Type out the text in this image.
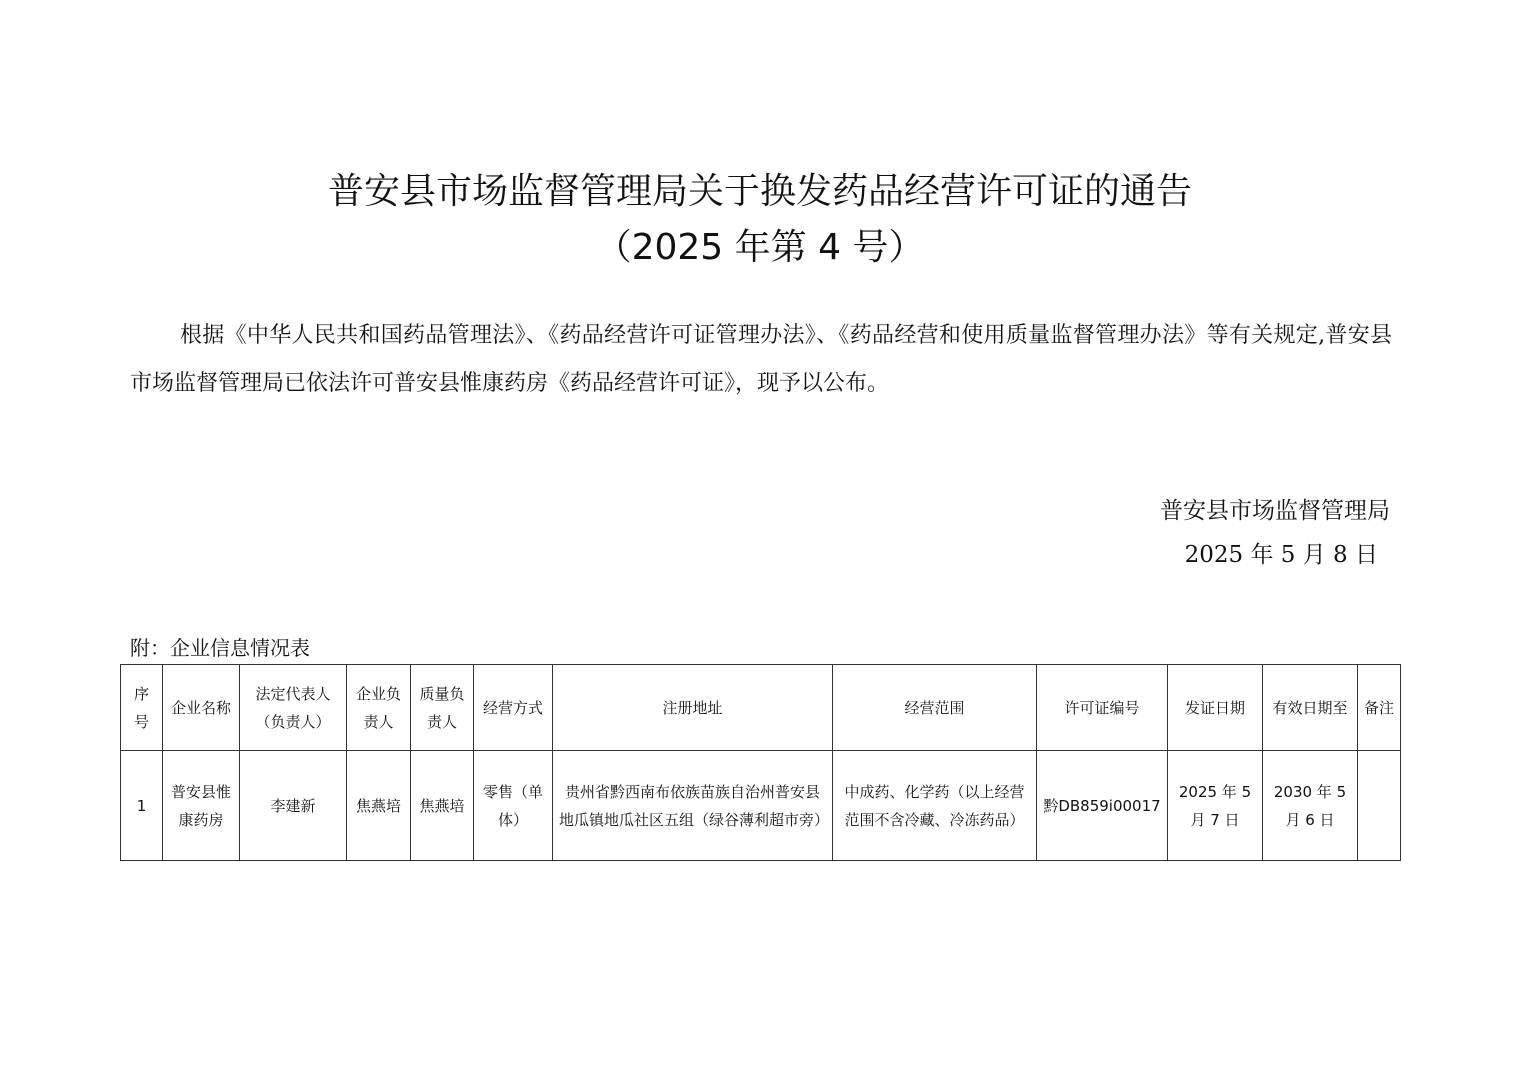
普安县市场监督管理局关于换发药品经营许可证的通告
（2025 年第 4 号）

根据《中华人民共和国药品管理法》、《药品经营许可证管理办法》、《药品经营和使用质量监督管理办法》等有关规定,普安县市场监督管理局已依法许可普安县惟康药房《药品经营许可证》，现予以公布。

普安县市场监督管理局
2025 年 5 月 8 日
附：企业信息情况表
序号	企业名称	法定代表人（负责人）	企业负责人	质量负责人	经营方式	注册地址	经营范围	许可证编号	发证日期	有效日期至	备注
1	普安县惟康药房	李建新	焦燕培	焦燕培	零售（单体）	贵州省黔西南布依族苗族自治州普安县地瓜镇地瓜社区五组（绿谷薄利超市旁）	中成药、化学药（以上经营范围不含冷藏、冷冻药品）	黔DB859i00017	2025 年 5 月 7 日	2030 年 5 月 6 日	
